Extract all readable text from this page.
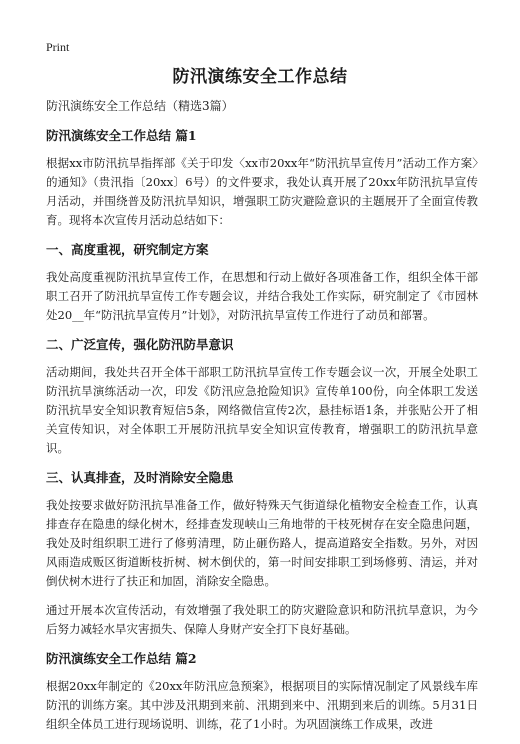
Print
防汛演练安全工作总结

防汛演练安全工作总结（精选3篇）

防汛演练安全工作总结 篇1

根据xx市防汛抗旱指挥部《关于印发〈xx市20xx年“防汛抗旱宣传月”活动工作方案〉的通知》（贵汛指〔20xx〕6号）的文件要求，我处认真开展了20xx年防汛抗旱宣传月活动，并围绕普及防汛抗旱知识，增强职工防灾避险意识的主题展开了全面宣传教育。现将本次宣传月活动总结如下：

一、高度重视，研究制定方案

我处高度重视防汛抗旱宣传工作，在思想和行动上做好各项准备工作，组织全体干部职工召开了防汛抗旱宣传工作专题会议，并结合我处工作实际，研究制定了《市园林处20__年“防汛抗旱宣传月”计划》，对防汛抗旱宣传工作进行了动员和部署。

二、广泛宣传，强化防汛防旱意识

活动期间，我处共召开全体干部职工防汛抗旱宣传工作专题会议一次，开展全处职工防汛抗旱演练活动一次，印发《防汛应急抢险知识》宣传单100份，向全体职工发送防汛抗旱安全知识教育短信5条，网络微信宣传2次，悬挂标语1条，并张贴公开了相关宣传知识，对全体职工开展防汛抗旱安全知识宣传教育，增强职工的防汛抗旱意识。

三、认真排查，及时消除安全隐患

我处按要求做好防汛抗旱准备工作，做好特殊天气街道绿化植物安全检查工作，认真排查存在隐患的绿化树木，经排查发现峡山三角地带的干枝死树存在安全隐患问题，我处及时组织职工进行了修剪清理，防止砸伤路人，提高道路安全指数。另外，对因风雨造成贩区街道断枝折树、树木倒伏的，第一时间安排职工到场修剪、清运，并对倒伏树木进行了扶正和加固，消除安全隐患。

通过开展本次宣传活动，有效增强了我处职工的防灾避险意识和防汛抗旱意识，为今后努力减轻水旱灾害损失、保障人身财产安全打下良好基础。

防汛演练安全工作总结 篇2

根据20xx年制定的《20xx年防汛应急预案》，根据项目的实际情况制定了风景线车库防汛的训练方案。其中涉及汛期到来前、汛期到来中、汛期到来后的训练。5月31日组织全体员工进行现场说明、训练，花了1小时。为巩固演练工作成果，改进
